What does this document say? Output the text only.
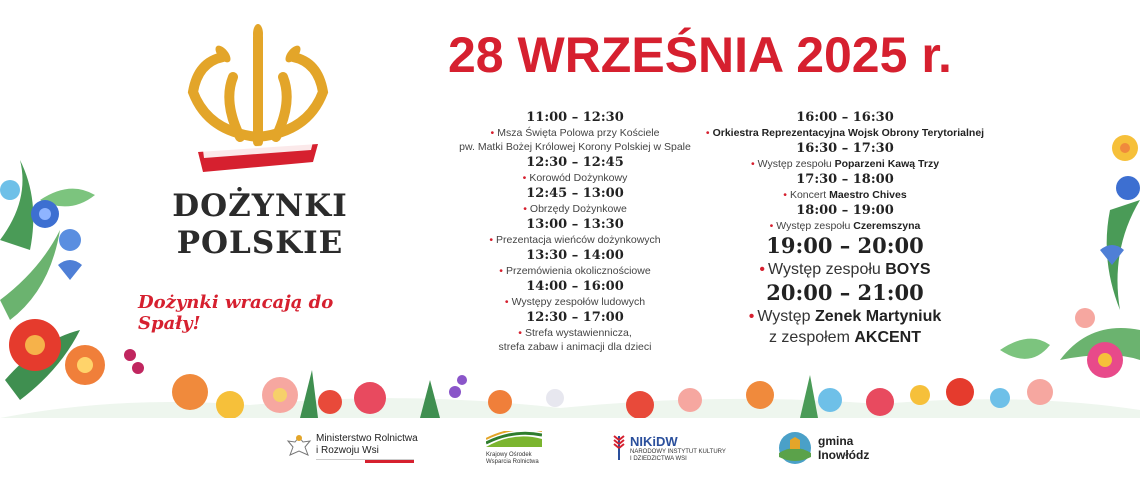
DOŻYNKI
POLSKIE
Dożynki wracają do Spały!
28 WRZEŚNIA 2025 r.
11:00 – 12:30
• Msza Święta Polowa przy Kościele
pw. Matki Bożej Królowej Korony Polskiej w Spale
12:30 – 12:45
• Korowód Dożynkowy
12:45 – 13:00
• Obrzędy Dożynkowe
13:00 – 13:30
• Prezentacja wieńców dożynkowych
13:30 – 14:00
• Przemówienia okolicznościowe
14:00 – 16:00
• Występy zespołów ludowych
12:30 – 17:00
• Strefa wystawiennicza,
strefa zabaw i animacji dla dzieci
16:00 – 16:30
• Orkiestra Reprezentacyjna Wojsk Obrony Terytorialnej
16:30 – 17:30
• Występ zespołu Poparzeni Kawą Trzy
17:30 – 18:00
• Koncert Maestro Chives
18:00 – 19:00
• Występ zespołu Czeremszyna
19:00 – 20:00
• Występ zespołu BOYS
20:00 – 21:00
• Występ Zenek Martyniuk
z zespołem AKCENT
Ministerstwo Rolnictwa
i Rozwoju Wsi	Krajowy Ośrodek
Wsparcia Rolnictwa
NIKiDW
NARODOWY INSTYTUT KULTURY
I DZIEDZICTWA WSI
gmina
Inowłódz
